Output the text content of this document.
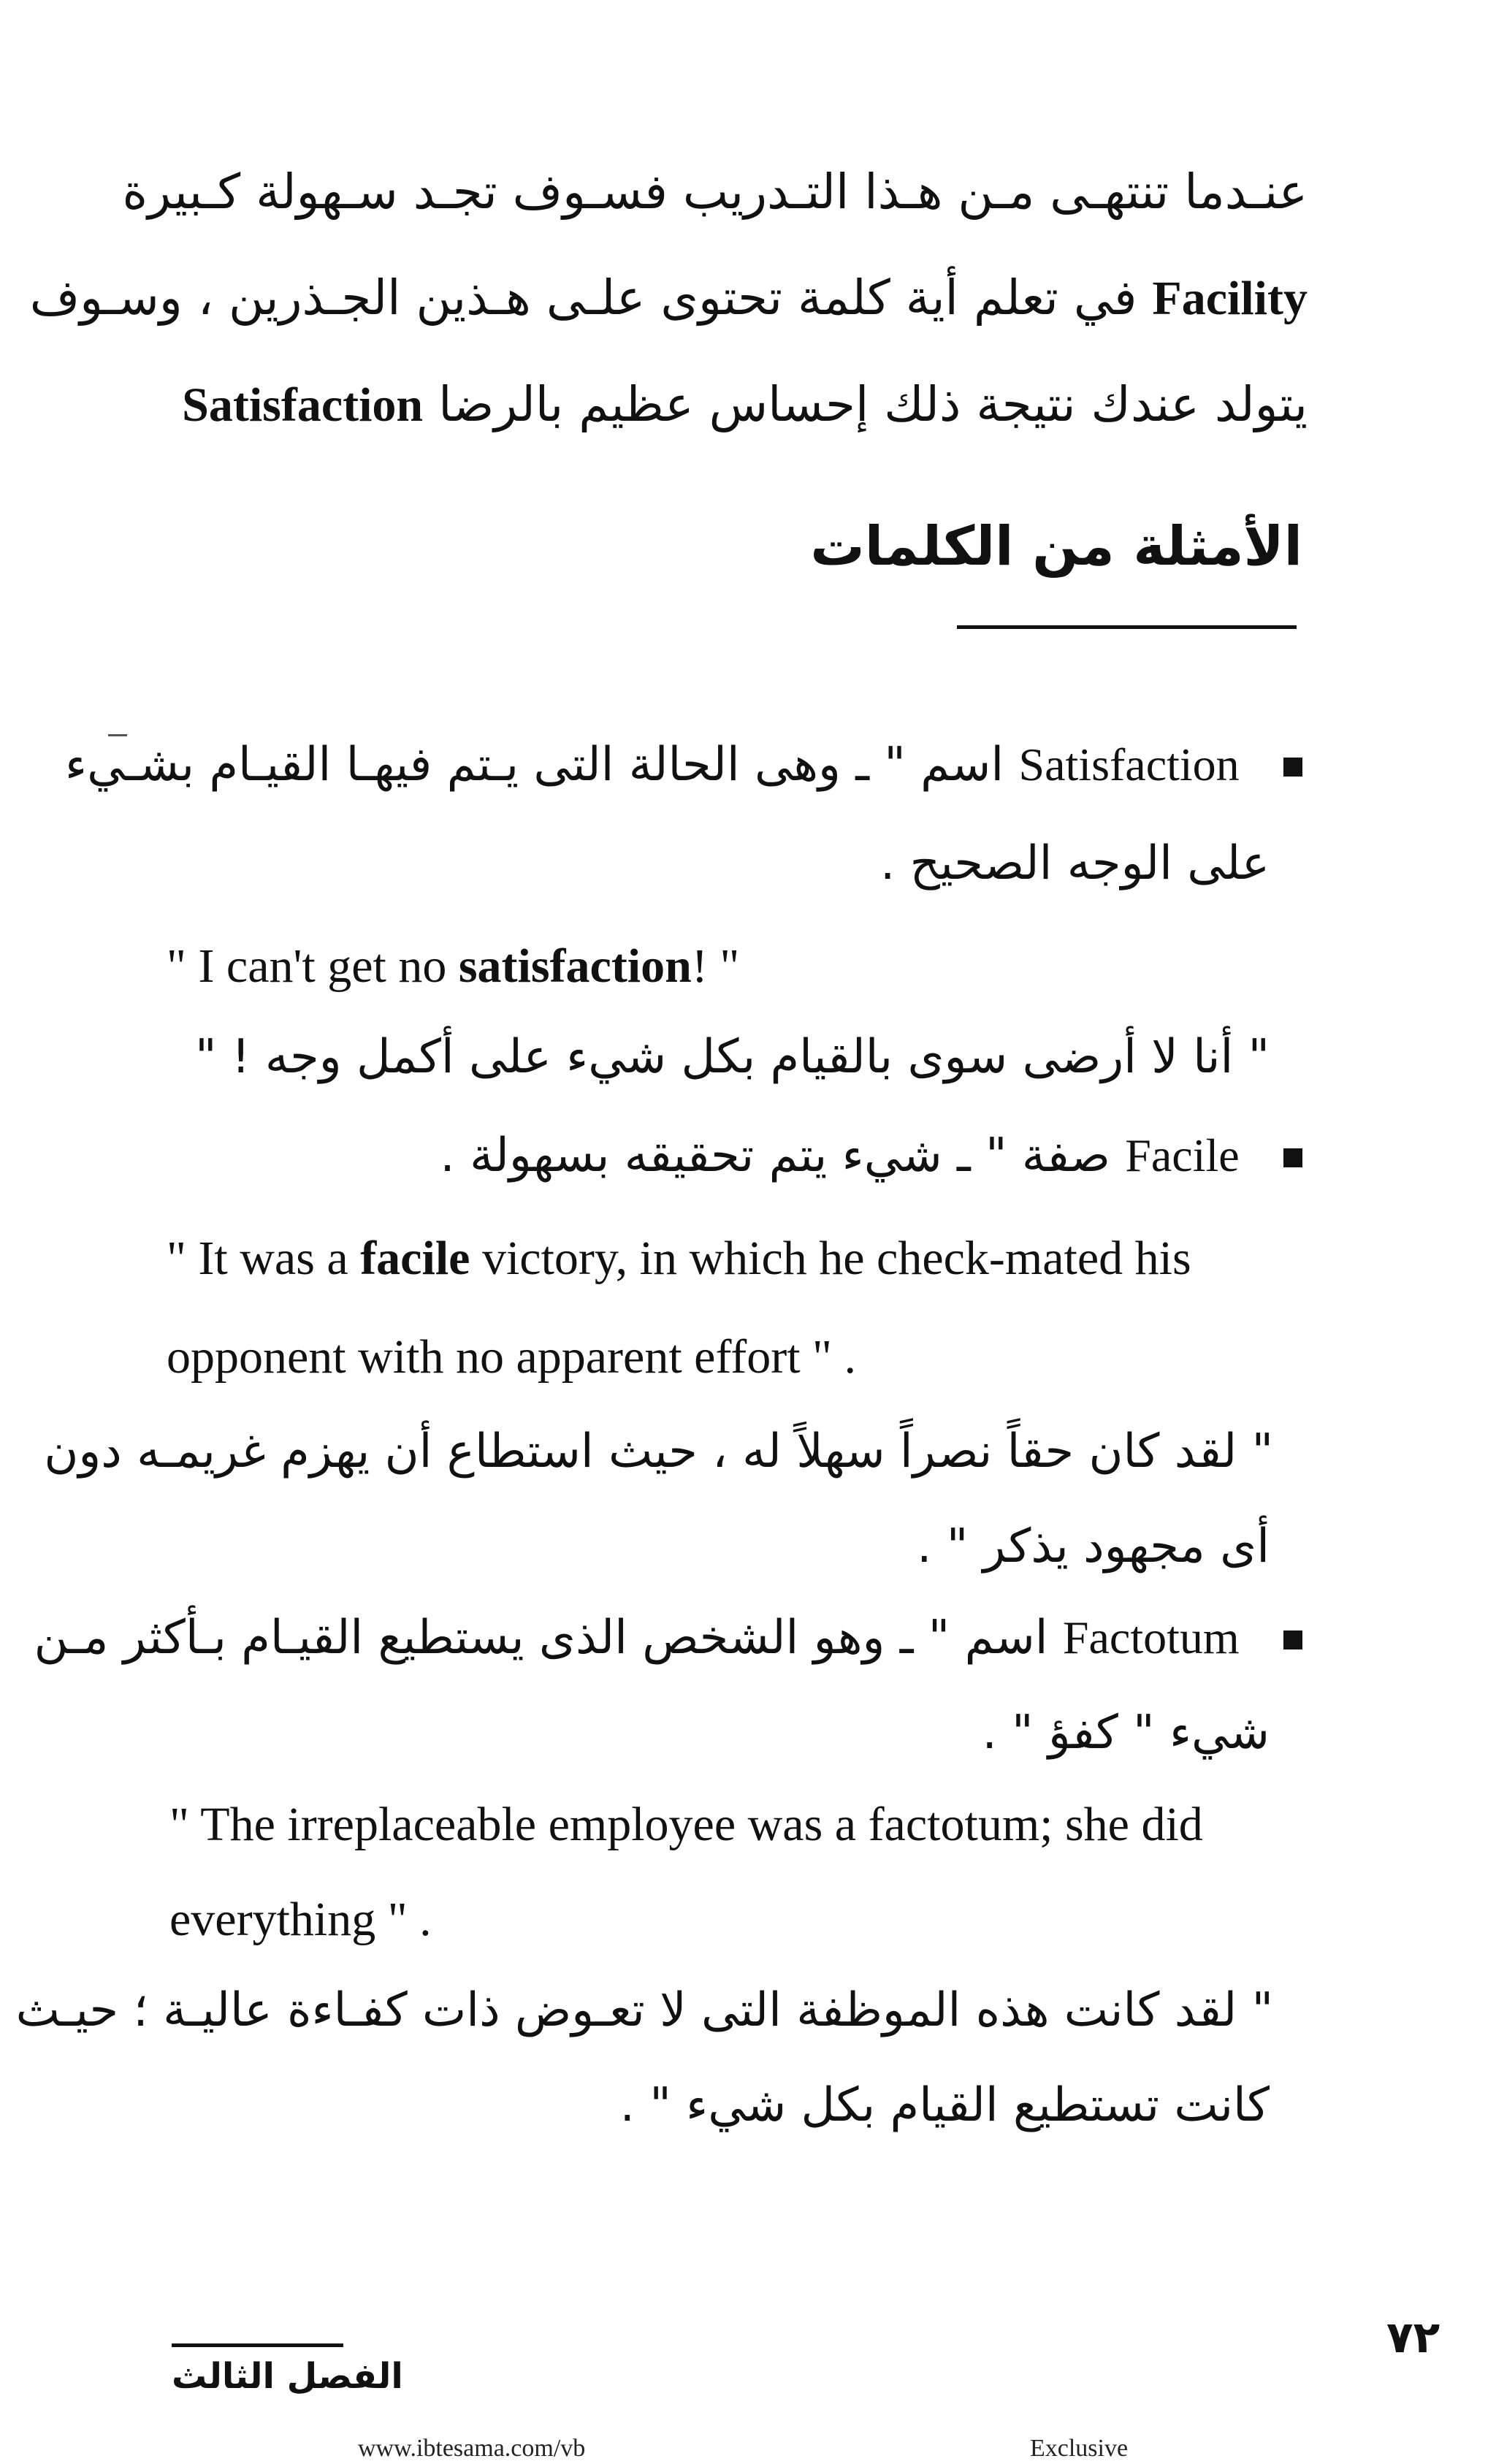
عنـدما تنتهـى مـن هـذا التـدريب فسـوف تجـد سـهولة كـبيرة
Facility في تعلم أية كلمة تحتوى علـى هـذين الجـذرين ، وسـوف
يتولد عندك نتيجة ذلك إحساس عظيم بالرضا Satisfaction
الأمثلة من الكلمات
Satisfaction اسم " ـ وهى الحالة التى يـتم فيهـا القيـام بشـيء
على الوجه الصحيح .
" I can't get no satisfaction! "
" أنا لا أرضى سوى بالقيام بكل شيء على أكمل وجه ! "
Facile صفة " ـ شيء يتم تحقيقه بسهولة .
" It was a facile victory, in which he check-mated his
opponent with no apparent effort " .
" لقد كان حقاً نصراً سهلاً له ، حيث استطاع أن يهزم غريمـه دون
أى مجهود يذكر " .
Factotum اسم " ـ وهو الشخص الذى يستطيع القيـام بـأكثر مـن
شيء " كفؤ " .
" The irreplaceable employee was a factotum; she did
everything " .
" لقد كانت هذه الموظفة التى لا تعـوض ذات كفـاءة عاليـة ؛ حيـث
كانت تستطيع القيام بكل شيء " .
٧٢
الفصل الثالث
www.ibtesama.com/vb	Exclusive
